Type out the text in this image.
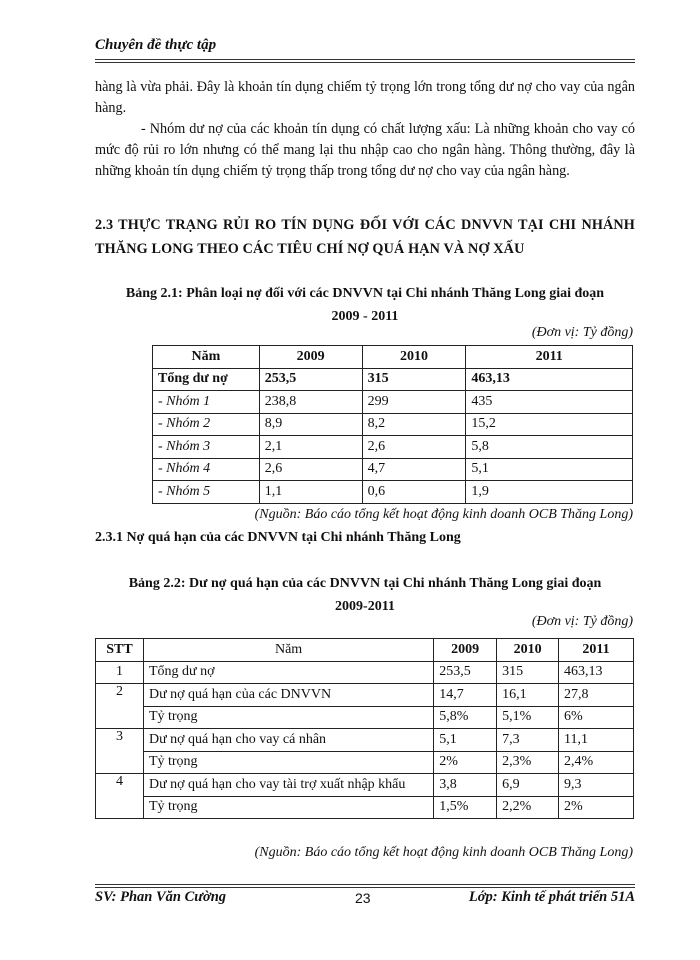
Chuyên đề thực tập

hàng là vừa phải. Đây là khoản tín dụng chiếm tỷ trọng lớn trong tổng dư nợ cho vay của ngân hàng.

- Nhóm dư nợ của các khoản tín dụng có chất lượng xấu: Là những khoản cho vay có mức độ rủi ro lớn nhưng có thể mang lại thu nhập cao cho ngân hàng. Thông thường, đây là những khoản tín dụng chiếm tỷ trọng thấp trong tổng dư nợ cho vay của ngân hàng.

2.3 THỰC TRẠNG RỦI RO TÍN DỤNG ĐỐI VỚI CÁC DNVVN TẠI CHI NHÁNH THĂNG LONG THEO CÁC TIÊU CHÍ NỢ QUÁ HẠN VÀ NỢ XẤU
Bảng 2.1: Phân loại nợ đối với các DNVVN tại Chi nhánh Thăng Long giai đoạn
2009 - 2011
(Đơn vị: Tỷ đồng)
Năm	2009	2010	2011
Tổng dư nợ	253,5	315	463,13
- Nhóm 1	238,8	299	435
- Nhóm 2	8,9	8,2	15,2
- Nhóm 3	2,1	2,6	5,8
- Nhóm 4	2,6	4,7	5,1
- Nhóm 5	1,1	0,6	1,9
(Nguồn: Báo cáo tổng kết hoạt động kinh doanh OCB Thăng Long)
2.3.1 Nợ quá hạn của các DNVVN tại Chi nhánh Thăng Long
Bảng 2.2: Dư nợ quá hạn của các DNVVN tại Chi nhánh Thăng Long giai đoạn
2009-2011
(Đơn vị: Tỷ đồng)
STT	Năm	2009	2010	2011
1	Tổng dư nợ	253,5	315	463,13
2	Dư nợ quá hạn của các DNVVN	14,7	16,1	27,8
	Tỷ trọng	5,8%	5,1%	6%
3	Dư nợ quá hạn cho vay cá nhân	5,1	7,3	11,1
	Tỷ trọng	2%	2,3%	2,4%
4	Dư nợ quá hạn cho vay tài trợ xuất nhập khẩu	3,8	6,9	9,3
	Tỷ trọng	1,5%	2,2%	2%
(Nguồn: Báo cáo tổng kết hoạt động kinh doanh OCB Thăng Long)
SV: Phan Văn Cường	23	Lớp: Kinh tế phát triển 51A
